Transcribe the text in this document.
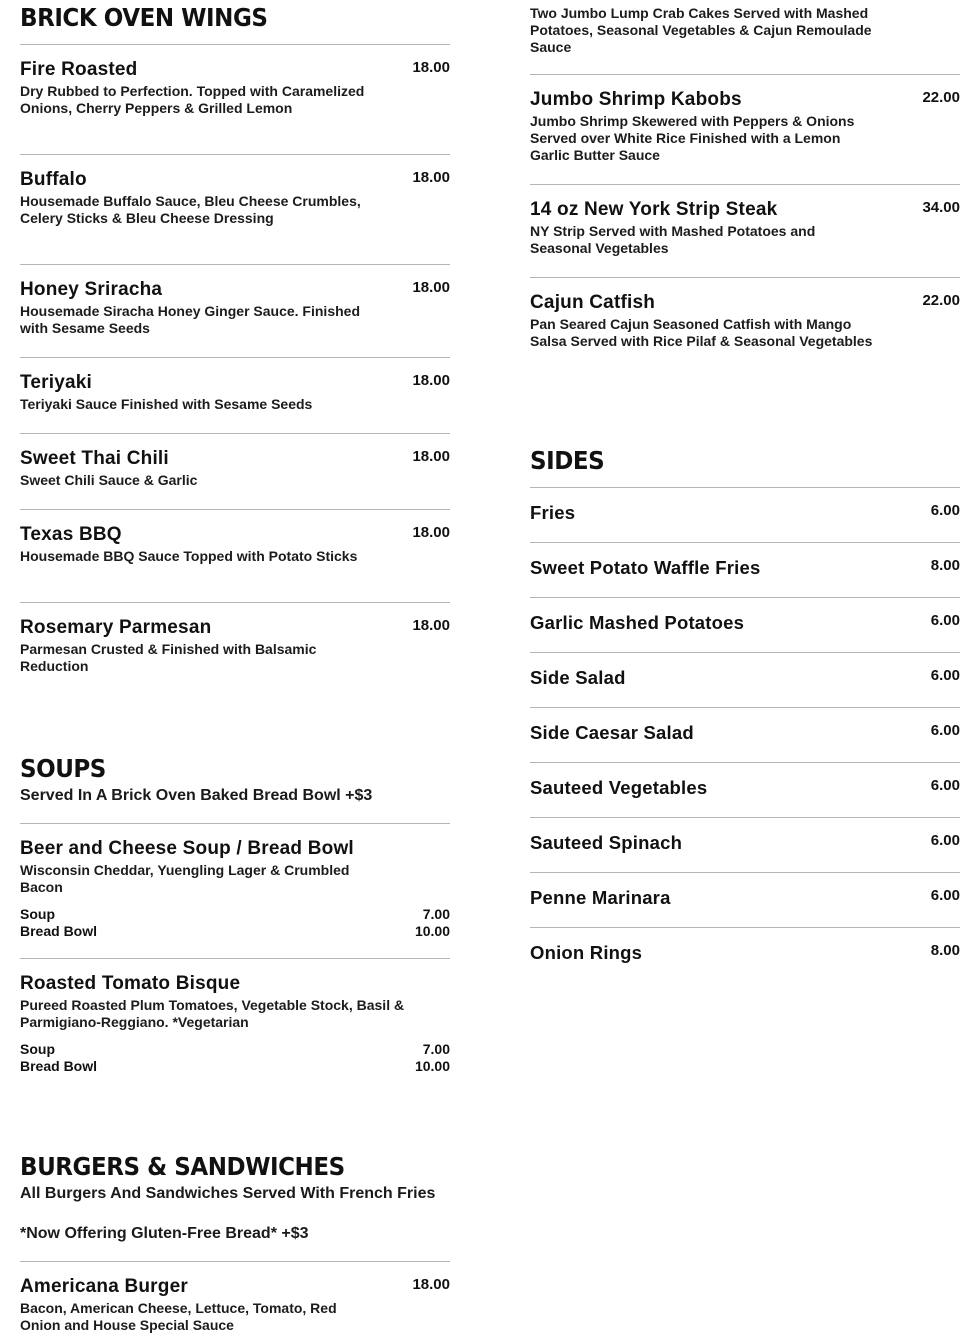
BRICK OVEN WINGS
Fire Roasted	18.00
Dry Rubbed to Perfection. Topped with Caramelized Onions, Cherry Peppers & Grilled Lemon
Buffalo	18.00
Housemade Buffalo Sauce, Bleu Cheese Crumbles, Celery Sticks & Bleu Cheese Dressing
Honey Sriracha	18.00
Housemade Siracha Honey Ginger Sauce. Finished with Sesame Seeds
Teriyaki	18.00
Teriyaki Sauce Finished with Sesame Seeds
Sweet Thai Chili	18.00
Sweet Chili Sauce & Garlic
Texas BBQ	18.00
Housemade BBQ Sauce Topped with Potato Sticks
Rosemary Parmesan	18.00
Parmesan Crusted & Finished with Balsamic Reduction
SOUPS
Served In A Brick Oven Baked Bread Bowl +$3
Beer and Cheese Soup / Bread Bowl
Wisconsin Cheddar, Yuengling Lager & Crumbled Bacon
Soup	7.00
Bread Bowl	10.00
Roasted Tomato Bisque
Pureed Roasted Plum Tomatoes, Vegetable Stock, Basil & Parmigiano-Reggiano. *Vegetarian
Soup	7.00
Bread Bowl	10.00
BURGERS & SANDWICHES
All Burgers And Sandwiches Served With French Fries
*Now Offering Gluten-Free Bread* +$3
Americana Burger	18.00
Bacon, American Cheese, Lettuce, Tomato, Red Onion and House Special Sauce
Two Jumbo Lump Crab Cakes Served with Mashed Potatoes, Seasonal Vegetables & Cajun Remoulade Sauce
Jumbo Shrimp Kabobs	22.00
Jumbo Shrimp Skewered with Peppers & Onions Served over White Rice Finished with a Lemon Garlic Butter Sauce
14 oz New York Strip Steak	34.00
NY Strip Served with Mashed Potatoes and Seasonal Vegetables
Cajun Catfish	22.00
Pan Seared Cajun Seasoned Catfish with Mango Salsa Served with Rice Pilaf & Seasonal Vegetables
SIDES
Fries	6.00
Sweet Potato Waffle Fries	8.00
Garlic Mashed Potatoes	6.00
Side Salad	6.00
Side Caesar Salad	6.00
Sauteed Vegetables	6.00
Sauteed Spinach	6.00
Penne Marinara	6.00
Onion Rings	8.00
